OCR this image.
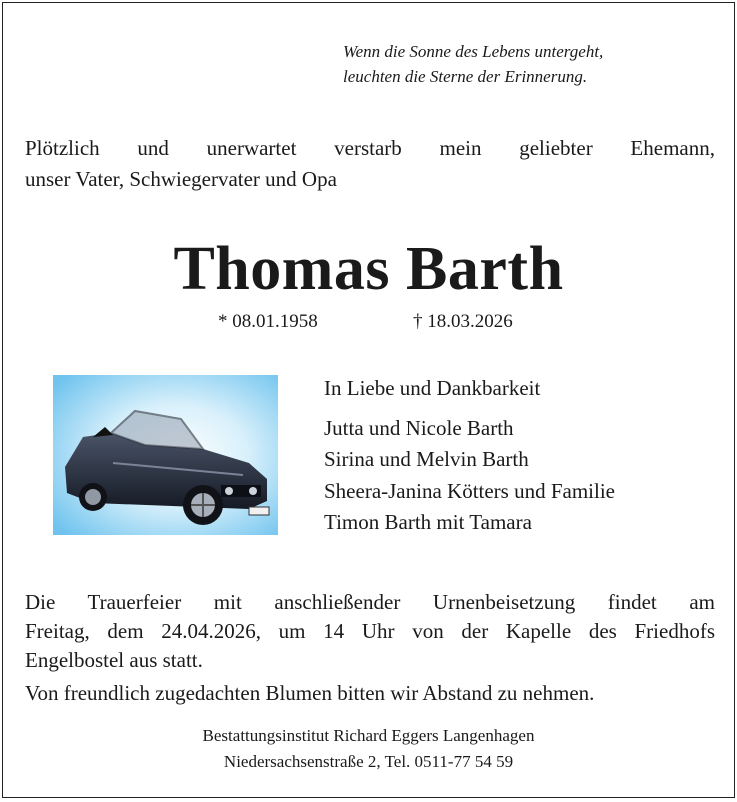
Wenn die Sonne des Lebens untergeht,
leuchten die Sterne der Erinnerung.
Plötzlich und unerwartet verstarb mein geliebter Ehemann,
unser Vater, Schwiegervater und Opa
Thomas Barth
* 08.01.1958	† 18.03.2026
In Liebe und Dankbarkeit
Jutta und Nicole Barth
Sirina und Melvin Barth
Sheera-Janina Kötters und Familie
Timon Barth mit Tamara
Die Trauerfeier mit anschließender Urnenbeisetzung findet am
Freitag, dem 24.04.2026, um 14 Uhr von der Kapelle des Friedhofs
Engelbostel aus statt.
Von freundlich zugedachten Blumen bitten wir Abstand zu nehmen.
Bestattungsinstitut Richard Eggers Langenhagen
Niedersachsenstraße 2, Tel. 0511-77 54 59
